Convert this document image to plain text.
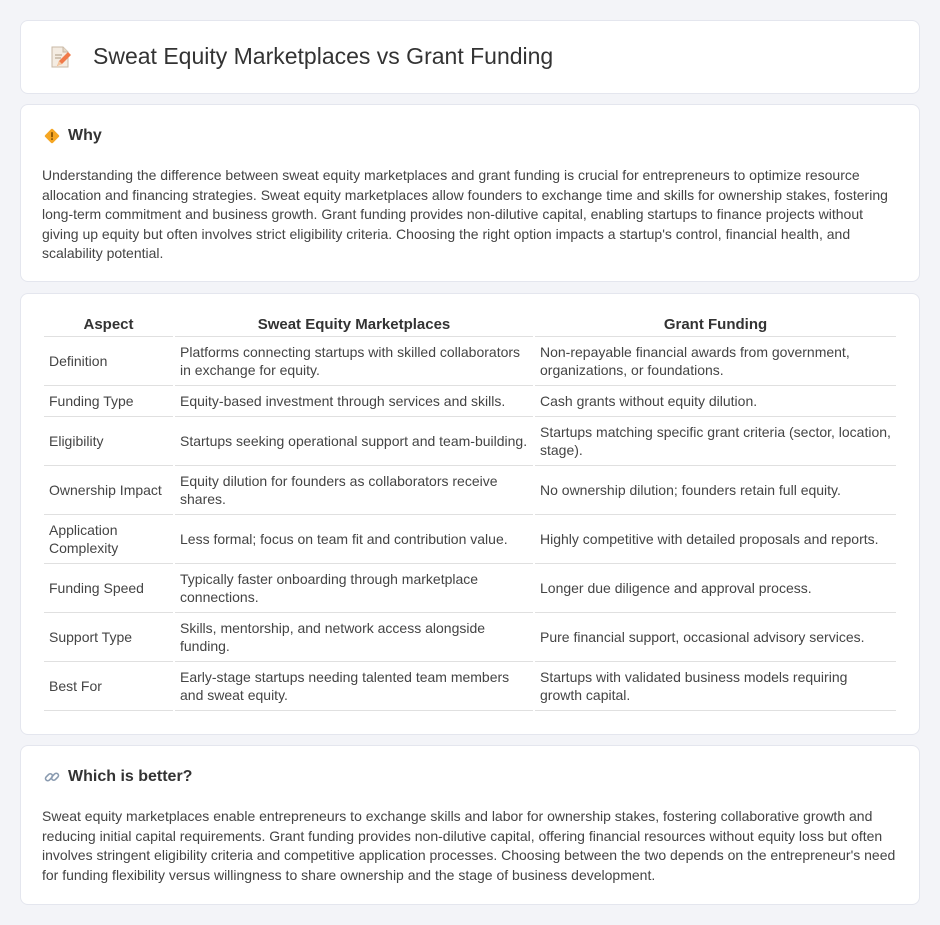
Sweat Equity Marketplaces vs Grant Funding
Why

Understanding the difference between sweat equity marketplaces and grant funding is crucial for entrepreneurs to optimize resource allocation and financing strategies. Sweat equity marketplaces allow founders to exchange time and skills for ownership stakes, fostering long-term commitment and business growth. Grant funding provides non-dilutive capital, enabling startups to finance projects without giving up equity but often involves strict eligibility criteria. Choosing the right option impacts a startup's control, financial health, and scalability potential.

Aspect	Sweat Equity Marketplaces	Grant Funding
Definition	Platforms connecting startups with skilled collaborators in exchange for equity.	Non-repayable financial awards from government, organizations, or foundations.
Funding Type	Equity-based investment through services and skills.	Cash grants without equity dilution.
Eligibility	Startups seeking operational support and team-building.	Startups matching specific grant criteria (sector, location, stage).
Ownership Impact	Equity dilution for founders as collaborators receive shares.	No ownership dilution; founders retain full equity.
Application Complexity	Less formal; focus on team fit and contribution value.	Highly competitive with detailed proposals and reports.
Funding Speed	Typically faster onboarding through marketplace connections.	Longer due diligence and approval process.
Support Type	Skills, mentorship, and network access alongside funding.	Pure financial support, occasional advisory services.
Best For	Early-stage startups needing talented team members and sweat equity.	Startups with validated business models requiring growth capital.
Which is better?

Sweat equity marketplaces enable entrepreneurs to exchange skills and labor for ownership stakes, fostering collaborative growth and reducing initial capital requirements. Grant funding provides non-dilutive capital, offering financial resources without equity loss but often involves stringent eligibility criteria and competitive application processes. Choosing between the two depends on the entrepreneur's need for funding flexibility versus willingness to share ownership and the stage of business development.
